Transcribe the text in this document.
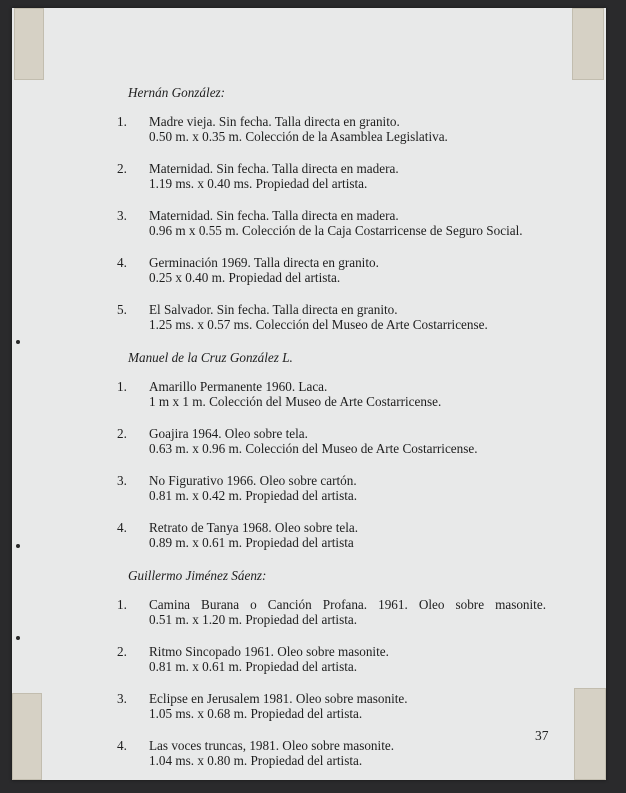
Hernán González:
1.	Madre vieja. Sin fecha. Talla directa en granito.
0.50 m. x 0.35 m. Colección de la Asamblea Legislativa.
2.	Maternidad. Sin fecha. Talla directa en madera.
1.19 ms. x 0.40 ms. Propiedad del artista.
3.	Maternidad. Sin fecha. Talla directa en madera.
0.96 m x 0.55 m. Colección de la Caja Costarricense de Seguro Social.
4.	Germinación 1969. Talla directa en granito.
0.25 x 0.40 m. Propiedad del artista.
5.	El Salvador. Sin fecha. Talla directa en granito.
1.25 ms. x 0.57 ms. Colección del Museo de Arte Costarricense.
Manuel de la Cruz González L.
1.	Amarillo Permanente 1960. Laca.
1 m x 1 m. Colección del Museo de Arte Costarricense.
2.	Goajira 1964. Oleo sobre tela.
0.63 m. x 0.96 m. Colección del Museo de Arte Costarricense.
3.	No Figurativo 1966. Oleo sobre cartón.
0.81 m. x 0.42 m. Propiedad del artista.
4.	Retrato de Tanya 1968. Oleo sobre tela.
0.89 m. x 0.61 m. Propiedad del artista
Guillermo Jiménez Sáenz:
1.	Camina Burana o Canción Profana. 1961. Oleo sobre masonite.
0.51 m. x 1.20 m. Propiedad del artista.
2.	Ritmo Sincopado 1961. Oleo sobre masonite.
0.81 m. x 0.61 m. Propiedad del artista.
3.	Eclipse en Jerusalem 1981. Oleo sobre masonite.
1.05 ms. x 0.68 m. Propiedad del artista.
4.	Las voces truncas, 1981. Oleo sobre masonite.
1.04 ms. x 0.80 m. Propiedad del artista.
37
